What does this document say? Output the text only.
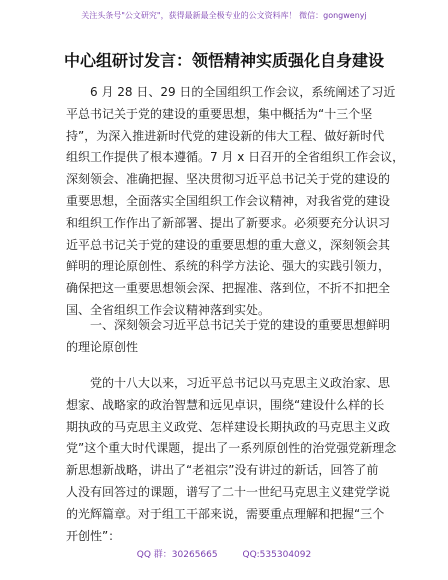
关注头条号"公文研究"，获得最新最全极专业的公文资料库！ 微信：gongwenyj
中心组研讨发言：领悟精神实质强化自身建设
6 月 28 日、29 日的全国组织工作会议，系统阐述了习近
平总书记关于党的建设的重要思想，集中概括为“十三个坚
持”，为深入推进新时代党的建设新的伟大工程、做好新时代
组织工作提供了根本遵循。7 月 x 日召开的全省组织工作会议，
深刻领会、准确把握、坚决贯彻习近平总书记关于党的建设的
重要思想，全面落实全国组织工作会议精神，对我省党的建设
和组织工作作出了新部署、提出了新要求。必须要充分认识习
近平总书记关于党的建设的重要思想的重大意义，深刻领会其
鲜明的理论原创性、系统的科学方法论、强大的实践引领力，
确保把这一重要思想领会深、把握准、落到位，不折不扣把全
国、全省组织工作会议精神落到实处。
一、深刻领会习近平总书记关于党的建设的重要思想鲜明
的理论原创性
党的十八大以来，习近平总书记以马克思主义政治家、思
想家、战略家的政治智慧和远见卓识，围绕“建设什么样的长
期执政的马克思主义政党、怎样建设长期执政的马克思主义政
党”这个重大时代课题，提出了一系列原创性的治党强党新理念
新思想新战略，讲出了“老祖宗”没有讲过的新话，回答了前
人没有回答过的课题，谱写了二十一世纪马克思主义建党学说
的光辉篇章。对于组工干部来说，需要重点理解和把握“三个
开创性”：
QQ 群：30265665	QQ:535304092
